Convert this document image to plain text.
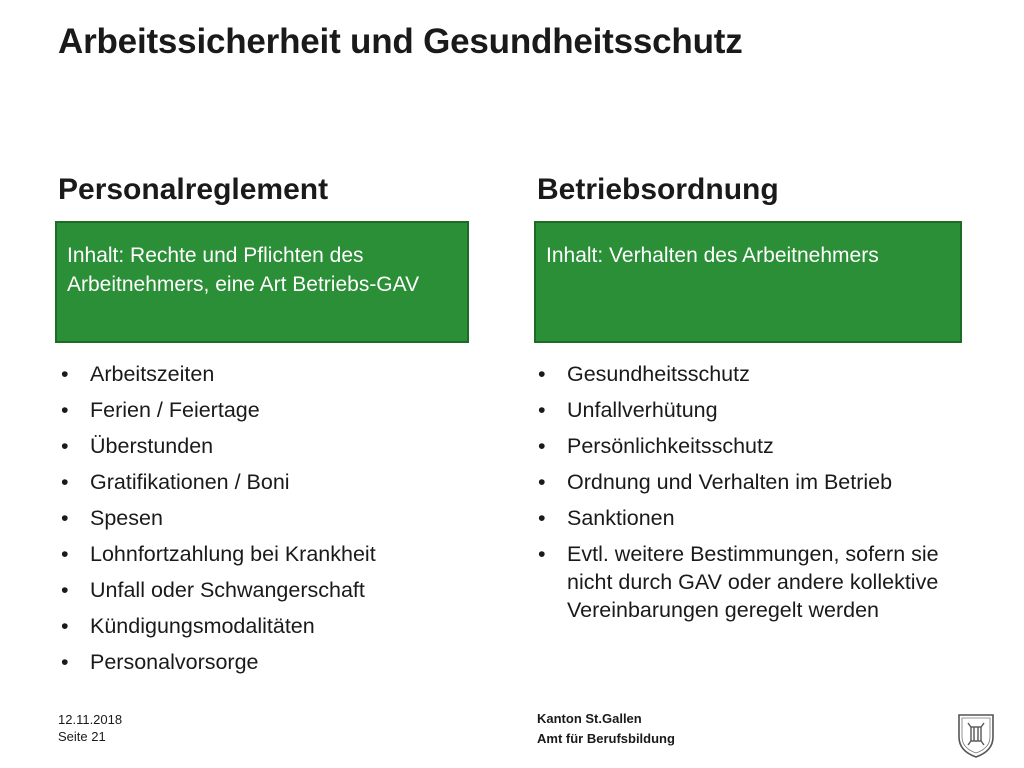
Arbeitssicherheit und Gesundheitsschutz
Personalreglement
Inhalt: Rechte und Pflichten des Arbeitnehmers, eine Art Betriebs-GAV
• Arbeitszeiten
• Ferien / Feiertage
• Überstunden
• Gratifikationen / Boni
• Spesen
• Lohnfortzahlung bei Krankheit
• Unfall oder Schwangerschaft
• Kündigungsmodalitäten
• Personalvorsorge
Betriebsordnung
Inhalt: Verhalten des Arbeitnehmers
• Gesundheitsschutz
• Unfallverhütung
• Persönlichkeitsschutz
• Ordnung und Verhalten im Betrieb
• Sanktionen
• Evtl. weitere Bestimmungen, sofern sie nicht durch GAV oder andere kollektive Vereinbarungen geregelt werden
12.11.2018
Seite 21
Kanton St.Gallen
Amt für Berufsbildung
